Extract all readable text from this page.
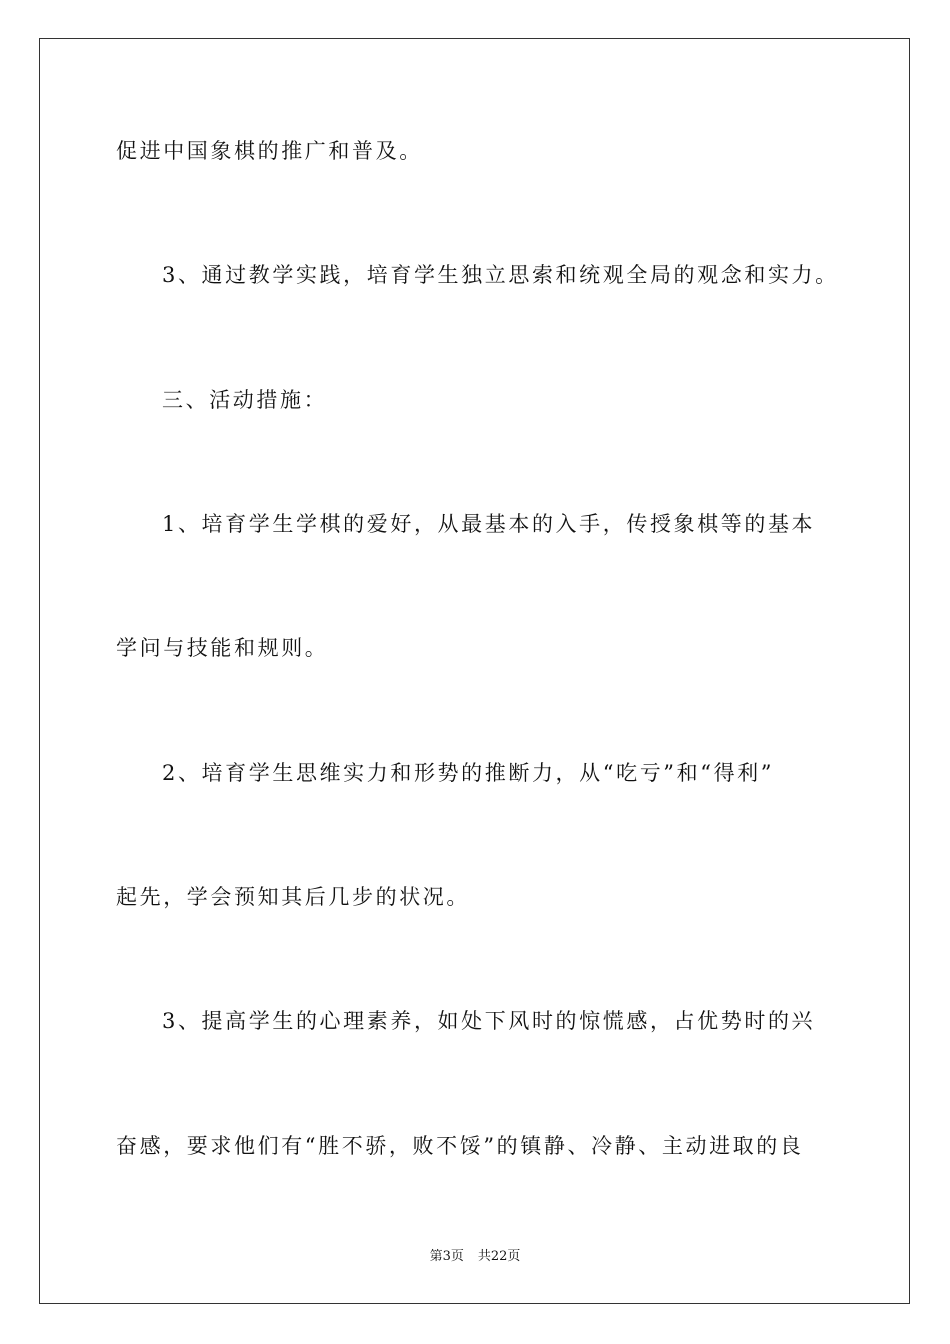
促进中国象棋的推广和普及。
3、通过教学实践，培育学生独立思索和统观全局的观念和实力。
三、活动措施：
1、培育学生学棋的爱好，从最基本的入手，传授象棋等的基本
学问与技能和规则。
2、培育学生思维实力和形势的推断力，从“吃亏”和“得利”
起先，学会预知其后几步的状况。
3、提高学生的心理素养，如处下风时的惊慌感，占优势时的兴
奋感，要求他们有“胜不骄，败不馁”的镇静、冷静、主动进取的良
第3页 共22页
